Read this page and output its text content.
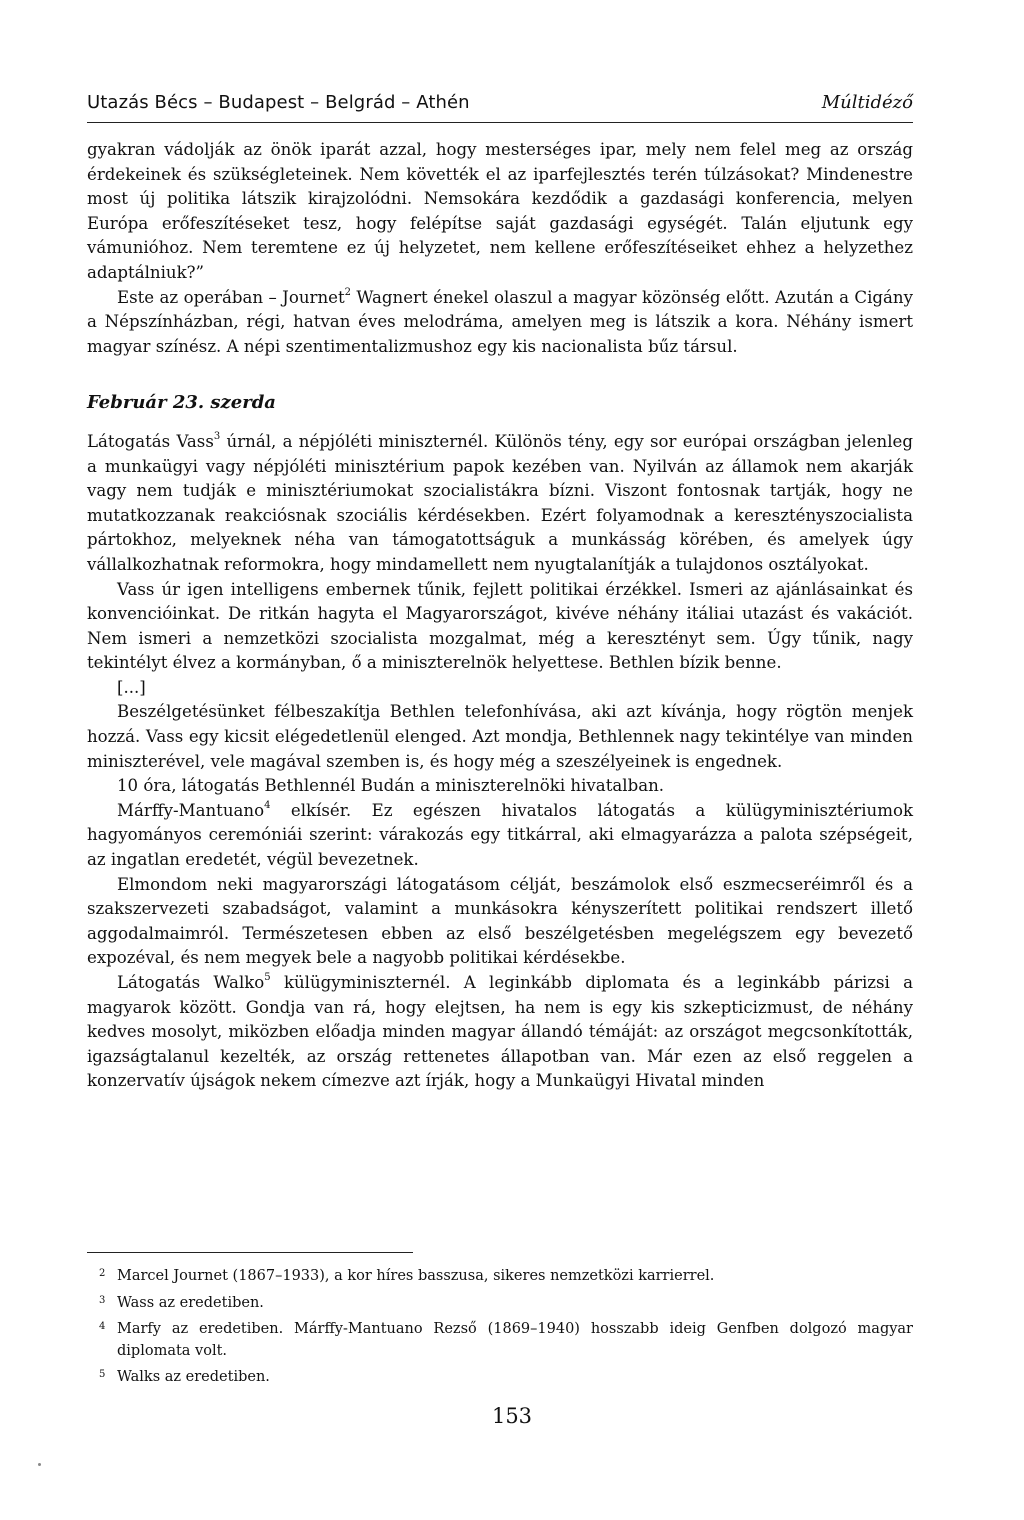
Utazás Bécs – Budapest – Belgrád – Athén	Múltidéző

gyakran vádolják az önök iparát azzal, hogy mesterséges ipar, mely nem felel meg az ország érdekeinek és szükségleteinek. Nem követték el az iparfejlesztés terén túlzásokat? Mindenestre most új politika látszik kirajzolódni. Nemsokára kezdődik a gazdasági konferencia, melyen Európa erőfeszítéseket tesz, hogy felépítse saját gazdasági egységét. Talán eljutunk egy vámunióhoz. Nem teremtene ez új helyzetet, nem kellene erőfeszítéseiket ehhez a helyzethez adaptálniuk?”

Este az operában – Journet$^2$ Wagnert énekel olaszul a magyar közönség előtt. Azután a Cigány a Népszínházban, régi, hatvan éves melodráma, amelyen meg is látszik a kora. Néhány ismert magyar színész. A népi szentimentalizmushoz egy kis nacionalista bűz társul.

Február 23. szerda

Látogatás Vass$^3$ úrnál, a népjóléti miniszternél. Különös tény, egy sor európai országban jelenleg a munkaügyi vagy népjóléti minisztérium papok kezében van. Nyilván az államok nem akarják vagy nem tudják e minisztériumokat szocialistákra bízni. Viszont fontosnak tartják, hogy ne mutatkozzanak reakciósnak szociális kérdésekben. Ezért folyamodnak a keresztényszocialista pártokhoz, melyeknek néha van támogatottságuk a munkásság körében, és amelyek úgy vállalkozhatnak reformokra, hogy mindamellett nem nyugtalanítják a tulajdonos osztályokat.

Vass úr igen intelligens embernek tűnik, fejlett politikai érzékkel. Ismeri az ajánlásainkat és konvencióinkat. De ritkán hagyta el Magyarországot, kivéve néhány itáliai utazást és vakációt. Nem ismeri a nemzetközi szocialista mozgalmat, még a keresztényt sem. Úgy tűnik, nagy tekintélyt élvez a kormányban, ő a miniszterelnök helyettese. Bethlen bízik benne.

[...]

Beszélgetésünket félbeszakítja Bethlen telefonhívása, aki azt kívánja, hogy rögtön menjek hozzá. Vass egy kicsit elégedetlenül elenged. Azt mondja, Bethlennek nagy tekintélye van minden miniszterével, vele magával szemben is, és hogy még a szeszélyeinek is engednek.

10 óra, látogatás Bethlennél Budán a miniszterelnöki hivatalban.

Márffy-Mantuano$^4$ elkísér. Ez egészen hivatalos látogatás a külügyminisztériumok hagyományos ceremóniái szerint: várakozás egy titkárral, aki elmagyarázza a palota szépségeit, az ingatlan eredetét, végül bevezetnek.

Elmondom neki magyarországi látogatásom célját, beszámolok első eszmecseréimről és a szakszervezeti szabadságot, valamint a munkásokra kényszerített politikai rendszert illető aggodalmaimról. Természetesen ebben az első beszélgetésben megelégszem egy bevezető expozéval, és nem megyek bele a nagyobb politikai kérdésekbe.

Látogatás Walko$^5$ külügyminiszternél. A leginkább diplomata és a leginkább párizsi a magyarok között. Gondja van rá, hogy elejtsen, ha nem is egy kis szkepticizmust, de néhány kedves mosolyt, miközben előadja minden magyar állandó témáját: az országot megcsonkították, igazságtalanul kezelték, az ország rettenetes állapotban van. Már ezen az első reggelen a konzervatív újságok nekem címezve azt írják, hogy a Munkaügyi Hivatal minden

2 Marcel Journet (1867–1933), a kor híres basszusa, sikeres nemzetközi karrierrel.
3 Wass az eredetiben.
4 Marfy az eredetiben. Márffy-Mantuano Rezső (1869–1940) hosszabb ideig Genfben dolgozó magyar diplomata volt.
5 Walks az eredetiben.
153
